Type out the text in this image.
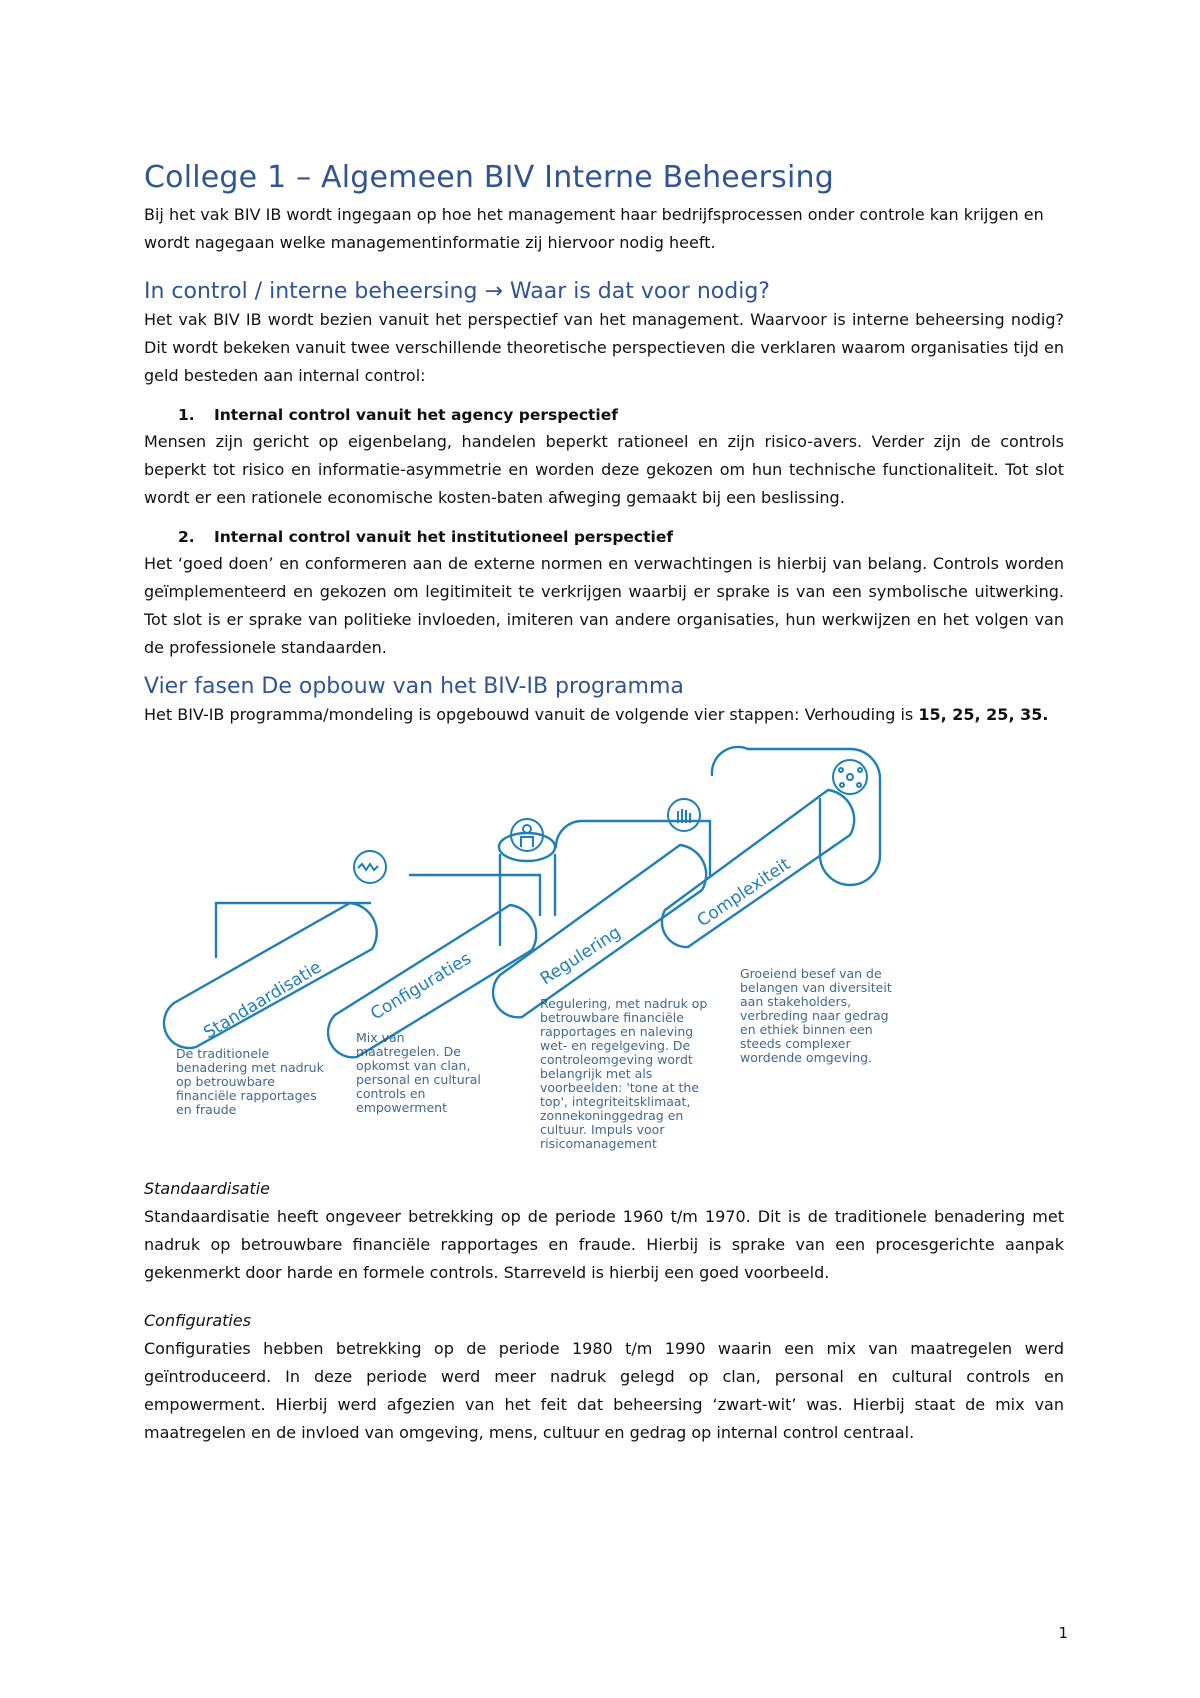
College 1 – Algemeen BIV Interne Beheersing

Bij het vak BIV IB wordt ingegaan op hoe het management haar bedrijfsprocessen onder controle kan krijgen en wordt nagegaan welke managementinformatie zij hiervoor nodig heeft.

In control / interne beheersing → Waar is dat voor nodig?

Het vak BIV IB wordt bezien vanuit het perspectief van het management. Waarvoor is interne beheersing nodig? Dit wordt bekeken vanuit twee verschillende theoretische perspectieven die verklaren waarom organisaties tijd en geld besteden aan internal control:

1. Internal control vanuit het agency perspectief

Mensen zijn gericht op eigenbelang, handelen beperkt rationeel en zijn risico-avers. Verder zijn de controls beperkt tot risico en informatie-asymmetrie en worden deze gekozen om hun technische functionaliteit. Tot slot wordt er een rationele economische kosten-baten afweging gemaakt bij een beslissing.

2. Internal control vanuit het institutioneel perspectief

Het ‘goed doen’ en conformeren aan de externe normen en verwachtingen is hierbij van belang. Controls worden geïmplementeerd en gekozen om legitimiteit te verkrijgen waarbij er sprake is van een symbolische uitwerking. Tot slot is er sprake van politieke invloeden, imiteren van andere organisaties, hun werkwijzen en het volgen van de professionele standaarden.

Vier fasen De opbouw van het BIV-IB programma

Het BIV-IB programma/mondeling is opgebouwd vanuit de volgende vier stappen: Verhouding is 15, 25, 25, 35.

Standaardisatie Configuraties	Regulering
Complexiteit
De traditionele benadering met nadruk op betrouwbare financiële rapportages en fraude
Mix van maatregelen. De opkomst van clan, personal en cultural controls en empowerment
Regulering, met nadruk op betrouwbare financiële rapportages en naleving wet- en regelgeving. De controleomgeving wordt belangrijk met als voorbeelden: 'tone at the top', integriteitsklimaat, zonnekoninggedrag en cultuur. Impuls voor risicomanagement
Groeiend besef van de belangen van diversiteit aan stakeholders, verbreding naar gedrag en ethiek binnen een steeds complexer wordende omgeving.

Standaardisatie

Standaardisatie heeft ongeveer betrekking op de periode 1960 t/m 1970. Dit is de traditionele benadering met nadruk op betrouwbare financiële rapportages en fraude. Hierbij is sprake van een procesgerichte aanpak gekenmerkt door harde en formele controls. Starreveld is hierbij een goed voorbeeld.

Configuraties

Configuraties hebben betrekking op de periode 1980 t/m 1990 waarin een mix van maatregelen werd geïntroduceerd. In deze periode werd meer nadruk gelegd op clan, personal en cultural controls en empowerment. Hierbij werd afgezien van het feit dat beheersing ‘zwart-wit’ was. Hierbij staat de mix van maatregelen en de invloed van omgeving, mens, cultuur en gedrag op internal control centraal.

1
